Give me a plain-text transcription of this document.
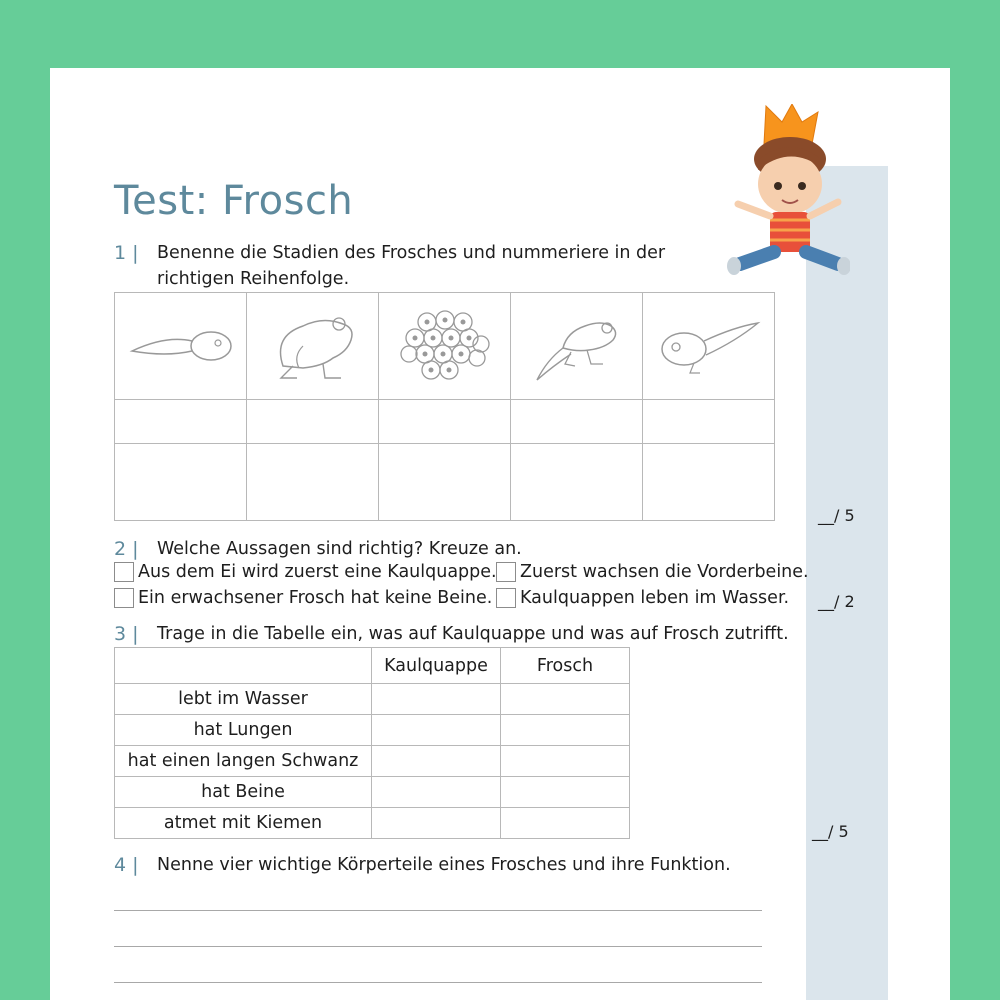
Test: Frosch
1 | Benenne die Stadien des Frosches und nummeriere in der
richtigen Reihenfolge.

__/ 5
2 | Welche Aussagen sind richtig? Kreuze an.
Aus dem Ei wird zuerst eine Kaulquappe. Zuerst wachsen die Vorderbeine.
Ein erwachsener Frosch hat keine Beine. Kaulquappen leben im Wasser. __/ 2
3 | Trage in die Tabelle ein, was auf Kaulquappe und was auf Frosch zutrifft.
	Kaulquappe	Frosch
lebt im Wasser		
hat Lungen		
hat einen langen Schwanz		
hat Beine		
atmet mit Kiemen			__/ 5
4 | Nenne vier wichtige Körperteile eines Frosches und ihre Funktion.
